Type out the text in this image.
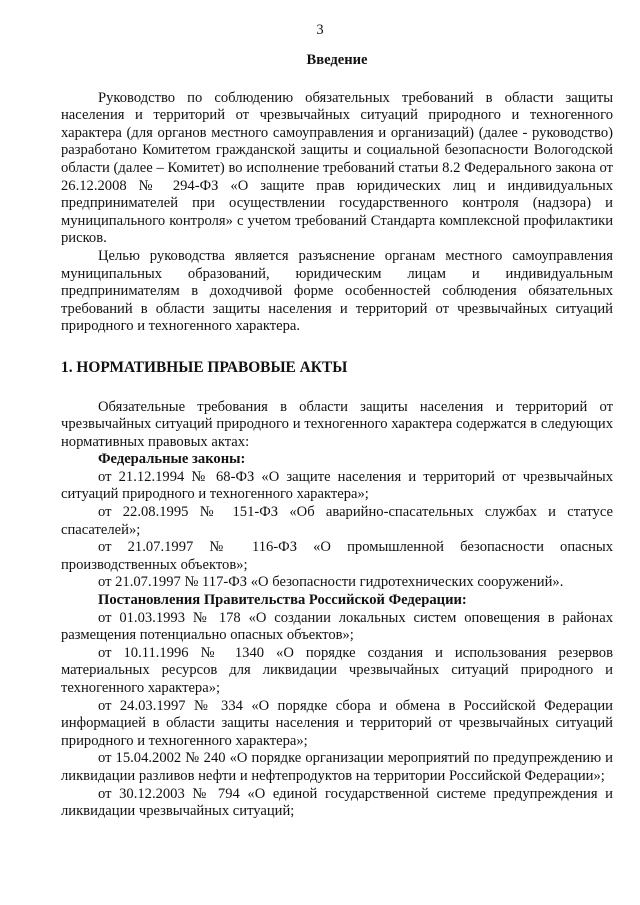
3
Введение

Руководство по соблюдению обязательных требований в области защиты населения и территорий от чрезвычайных ситуаций природного и техногенного характера (для органов местного самоуправления и организаций) (далее - руководство) разработано Комитетом гражданской защиты и социальной безопасности Вологодской области (далее – Комитет) во исполнение требований статьи 8.2 Федерального закона от 26.12.2008 № 294-ФЗ «О защите прав юридических лиц и индивидуальных предпринимателей при осуществлении государственного контроля (надзора) и муниципального контроля» с учетом требований Стандарта комплексной профилактики рисков.

Целью руководства является разъяснение органам местного самоуправления муниципальных образований, юридическим лицам и индивидуальным предпринимателям в доходчивой форме особенностей соблюдения обязательных требований в области защиты населения и территорий от чрезвычайных ситуаций природного и техногенного характера.

1. НОРМАТИВНЫЕ ПРАВОВЫЕ АКТЫ

Обязательные требования в области защиты населения и территорий от чрезвычайных ситуаций природного и техногенного характера содержатся в следующих нормативных правовых актах:

Федеральные законы:

от 21.12.1994 № 68-ФЗ «О защите населения и территорий от чрезвычайных ситуаций природного и техногенного характера»;

от 22.08.1995 № 151-ФЗ «Об аварийно-спасательных службах и статусе спасателей»;

от 21.07.1997 № 116-ФЗ «О промышленной безопасности опасных производственных объектов»;

от 21.07.1997 № 117-ФЗ «О безопасности гидротехнических сооружений».

Постановления Правительства Российской Федерации:

от 01.03.1993 № 178 «О создании локальных систем оповещения в районах размещения потенциально опасных объектов»;

от 10.11.1996 № 1340 «О порядке создания и использования резервов материальных ресурсов для ликвидации чрезвычайных ситуаций природного и техногенного характера»;

от 24.03.1997 № 334 «О порядке сбора и обмена в Российской Федерации информацией в области защиты населения и территорий от чрезвычайных ситуаций природного и техногенного характера»;

от 15.04.2002 № 240 «О порядке организации мероприятий по предупреждению и ликвидации разливов нефти и нефтепродуктов на территории Российской Федерации»;

от 30.12.2003 № 794 «О единой государственной системе предупреждения и ликвидации чрезвычайных ситуаций;
